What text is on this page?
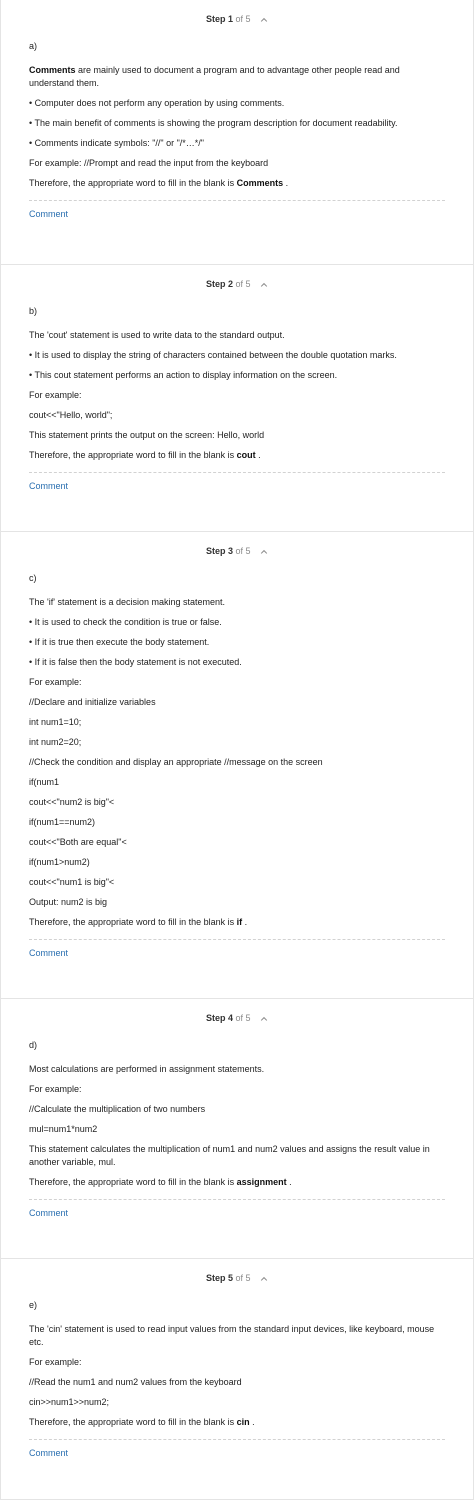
Step 1 of 5
a)
Comments are mainly used to document a program and to advantage other people read and understand them.
• Computer does not perform any operation by using comments.
• The main benefit of comments is showing the program description for document readability.
• Comments indicate symbols: "//" or "/*…*/"
For example: //Prompt and read the input from the keyboard
Therefore, the appropriate word to fill in the blank is Comments .
Comment
Step 2 of 5
b)
The 'cout' statement is used to write data to the standard output.
• It is used to display the string of characters contained between the double quotation marks.
• This cout statement performs an action to display information on the screen.
For example:
cout<<"Hello, world";
This statement prints the output on the screen: Hello, world
Therefore, the appropriate word to fill in the blank is cout .
Comment
Step 3 of 5
c)
The 'if' statement is a decision making statement.
• It is used to check the condition is true or false.
• If it is true then execute the body statement.
• If it is false then the body statement is not executed.
For example:
//Declare and initialize variables
int num1=10;
int num2=20;
//Check the condition and display an appropriate //message on the screen
if(num1
cout<<"num2 is big"<
if(num1==num2)
cout<<"Both are equal"<
if(num1>num2)
cout<<"num1 is big"<
Output: num2 is big
Therefore, the appropriate word to fill in the blank is if .
Comment
Step 4 of 5
d)
Most calculations are performed in assignment statements.
For example:
//Calculate the multiplication of two numbers
mul=num1*num2
This statement calculates the multiplication of num1 and num2 values and assigns the result value in another variable, mul.
Therefore, the appropriate word to fill in the blank is assignment .
Comment
Step 5 of 5
e)
The 'cin' statement is used to read input values from the standard input devices, like keyboard, mouse etc.
For example:
//Read the num1 and num2 values from the keyboard
cin>>num1>>num2;
Therefore, the appropriate word to fill in the blank is cin .
Comment
